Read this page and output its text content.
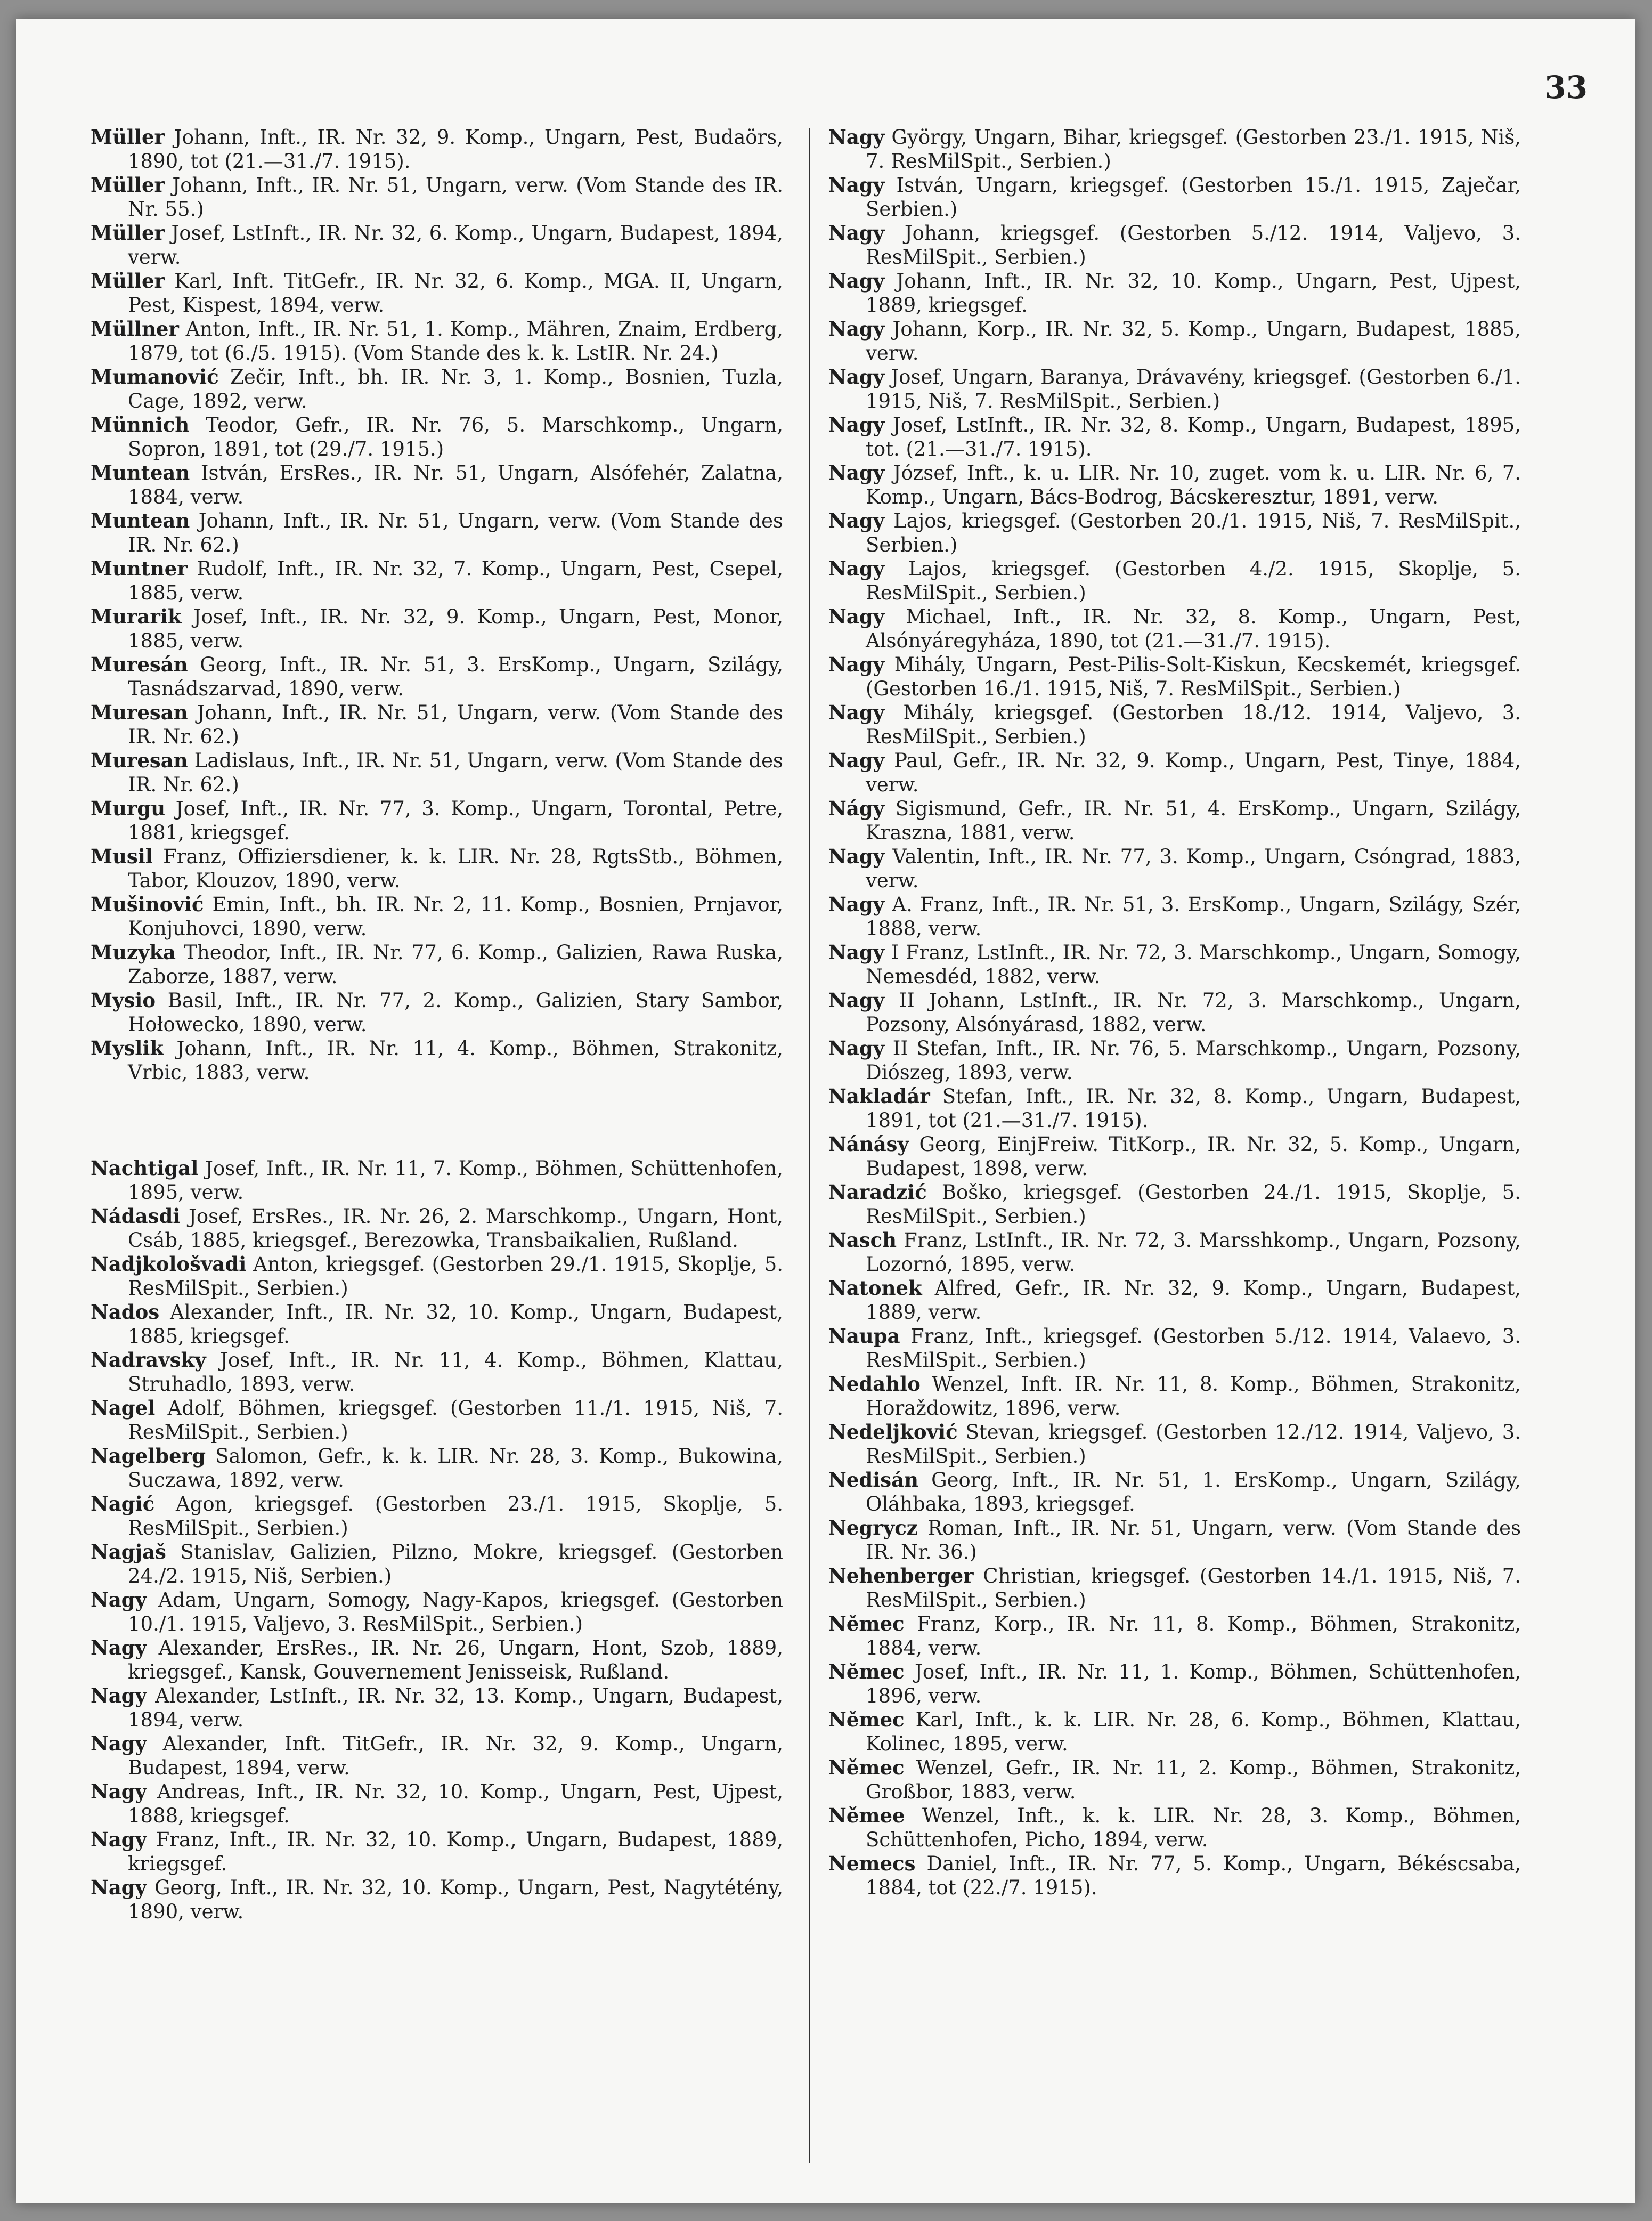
33

Müller Johann, Inft., IR. Nr. 32, 9. Komp., Ungarn, Pest, Budaörs, 1890, tot (21.—31./7. 1915).

Müller Johann, Inft., IR. Nr. 51, Ungarn, verw. (Vom Stande des IR. Nr. 55.)

Müller Josef, LstInft., IR. Nr. 32, 6. Komp., Ungarn, Budapest, 1894, verw.

Müller Karl, Inft. TitGefr., IR. Nr. 32, 6. Komp., MGA. II, Ungarn, Pest, Kispest, 1894, verw.

Müllner Anton, Inft., IR. Nr. 51, 1. Komp., Mähren, Znaim, Erdberg, 1879, tot (6./5. 1915). (Vom Stande des k. k. LstIR. Nr. 24.)

Mumanović Zečir, Inft., bh. IR. Nr. 3, 1. Komp., Bosnien, Tuzla, Cage, 1892, verw.

Münnich Teodor, Gefr., IR. Nr. 76, 5. Marschkomp., Ungarn, Sopron, 1891, tot (29./7. 1915.)

Muntean István, ErsRes., IR. Nr. 51, Ungarn, Alsófehér, Zalatna, 1884, verw.

Muntean Johann, Inft., IR. Nr. 51, Ungarn, verw. (Vom Stande des IR. Nr. 62.)

Muntner Rudolf, Inft., IR. Nr. 32, 7. Komp., Ungarn, Pest, Csepel, 1885, verw.

Murarik Josef, Inft., IR. Nr. 32, 9. Komp., Ungarn, Pest, Monor, 1885, verw.

Muresán Georg, Inft., IR. Nr. 51, 3. ErsKomp., Ungarn, Szilágy, Tasnádszarvad, 1890, verw.

Muresan Johann, Inft., IR. Nr. 51, Ungarn, verw. (Vom Stande des IR. Nr. 62.)

Muresan Ladislaus, Inft., IR. Nr. 51, Ungarn, verw. (Vom Stande des IR. Nr. 62.)

Murgu Josef, Inft., IR. Nr. 77, 3. Komp., Ungarn, Torontal, Petre, 1881, kriegsgef.

Musil Franz, Offiziersdiener, k. k. LIR. Nr. 28, RgtsStb., Böhmen, Tabor, Klouzov, 1890, verw.

Mušinović Emin, Inft., bh. IR. Nr. 2, 11. Komp., Bosnien, Prnjavor, Konjuhovci, 1890, verw.

Muzyka Theodor, Inft., IR. Nr. 77, 6. Komp., Galizien, Rawa Ruska, Zaborze, 1887, verw.

Mysio Basil, Inft., IR. Nr. 77, 2. Komp., Galizien, Stary Sambor, Hołowecko, 1890, verw.

Myslik Johann, Inft., IR. Nr. 11, 4. Komp., Böhmen, Strakonitz, Vrbic, 1883, verw.

Nachtigal Josef, Inft., IR. Nr. 11, 7. Komp., Böhmen, Schüttenhofen, 1895, verw.

Nádasdi Josef, ErsRes., IR. Nr. 26, 2. Marschkomp., Ungarn, Hont, Csáb, 1885, kriegsgef., Berezowka, Transbaikalien, Rußland.

Nadjkološvadi Anton, kriegsgef. (Gestorben 29./1. 1915, Skoplje, 5. ResMilSpit., Serbien.)

Nados Alexander, Inft., IR. Nr. 32, 10. Komp., Ungarn, Budapest, 1885, kriegsgef.

Nadravsky Josef, Inft., IR. Nr. 11, 4. Komp., Böhmen, Klattau, Struhadlo, 1893, verw.

Nagel Adolf, Böhmen, kriegsgef. (Gestorben 11./1. 1915, Niš, 7. ResMilSpit., Serbien.)

Nagelberg Salomon, Gefr., k. k. LIR. Nr. 28, 3. Komp., Bukowina, Suczawa, 1892, verw.

Nagić Agon, kriegsgef. (Gestorben 23./1. 1915, Skoplje, 5. ResMilSpit., Serbien.)

Nagjaš Stanislav, Galizien, Pilzno, Mokre, kriegsgef. (Gestorben 24./2. 1915, Niš, Serbien.)

Nagy Adam, Ungarn, Somogy, Nagy-Kapos, kriegsgef. (Gestorben 10./1. 1915, Valjevo, 3. ResMilSpit., Serbien.)

Nagy Alexander, ErsRes., IR. Nr. 26, Ungarn, Hont, Szob, 1889, kriegsgef., Kansk, Gouvernement Jenisseisk, Rußland.

Nagy Alexander, LstInft., IR. Nr. 32, 13. Komp., Ungarn, Budapest, 1894, verw.

Nagy Alexander, Inft. TitGefr., IR. Nr. 32, 9. Komp., Ungarn, Budapest, 1894, verw.

Nagy Andreas, Inft., IR. Nr. 32, 10. Komp., Ungarn, Pest, Ujpest, 1888, kriegsgef.

Nagy Franz, Inft., IR. Nr. 32, 10. Komp., Ungarn, Budapest, 1889, kriegsgef.

Nagy Georg, Inft., IR. Nr. 32, 10. Komp., Ungarn, Pest, Nagytétény, 1890, verw.

Nagy György, Ungarn, Bihar, kriegsgef. (Gestorben 23./1. 1915, Niš, 7. ResMilSpit., Serbien.)

Nagy István, Ungarn, kriegsgef. (Gestorben 15./1. 1915, Zaječar, Serbien.)

Nagy Johann, kriegsgef. (Gestorben 5./12. 1914, Valjevo, 3. ResMilSpit., Serbien.)

Nagy Johann, Inft., IR. Nr. 32, 10. Komp., Ungarn, Pest, Ujpest, 1889, kriegsgef.

Nagy Johann, Korp., IR. Nr. 32, 5. Komp., Ungarn, Budapest, 1885, verw.

Nagy Josef, Ungarn, Baranya, Drávavény, kriegsgef. (Gestorben 6./1. 1915, Niš, 7. ResMilSpit., Serbien.)

Nagy Josef, LstInft., IR. Nr. 32, 8. Komp., Ungarn, Budapest, 1895, tot. (21.—31./7. 1915).

Nagy József, Inft., k. u. LIR. Nr. 10, zuget. vom k. u. LIR. Nr. 6, 7. Komp., Ungarn, Bács-Bodrog, Bácskeresztur, 1891, verw.

Nagy Lajos, kriegsgef. (Gestorben 20./1. 1915, Niš, 7. ResMilSpit., Serbien.)

Nagy Lajos, kriegsgef. (Gestorben 4./2. 1915, Skoplje, 5. ResMilSpit., Serbien.)

Nagy Michael, Inft., IR. Nr. 32, 8. Komp., Ungarn, Pest, Alsónyáregyháza, 1890, tot (21.—31./7. 1915).

Nagy Mihály, Ungarn, Pest-Pilis-Solt-Kiskun, Kecskemét, kriegsgef. (Gestorben 16./1. 1915, Niš, 7. ResMilSpit., Serbien.)

Nagy Mihály, kriegsgef. (Gestorben 18./12. 1914, Valjevo, 3. ResMilSpit., Serbien.)

Nagy Paul, Gefr., IR. Nr. 32, 9. Komp., Ungarn, Pest, Tinye, 1884, verw.

Nágy Sigismund, Gefr., IR. Nr. 51, 4. ErsKomp., Ungarn, Szilágy, Kraszna, 1881, verw.

Nagy Valentin, Inft., IR. Nr. 77, 3. Komp., Ungarn, Csóngrad, 1883, verw.

Nagy A. Franz, Inft., IR. Nr. 51, 3. ErsKomp., Ungarn, Szilágy, Szér, 1888, verw.

Nagy I Franz, LstInft., IR. Nr. 72, 3. Marschkomp., Ungarn, Somogy, Nemesdéd, 1882, verw.

Nagy II Johann, LstInft., IR. Nr. 72, 3. Marschkomp., Ungarn, Pozsony, Alsónyárasd, 1882, verw.

Nagy II Stefan, Inft., IR. Nr. 76, 5. Marschkomp., Ungarn, Pozsony, Diószeg, 1893, verw.

Nakladár Stefan, Inft., IR. Nr. 32, 8. Komp., Ungarn, Budapest, 1891, tot (21.—31./7. 1915).

Nánásy Georg, EinjFreiw. TitKorp., IR. Nr. 32, 5. Komp., Ungarn, Budapest, 1898, verw.

Naradzić Boško, kriegsgef. (Gestorben 24./1. 1915, Skoplje, 5. ResMilSpit., Serbien.)

Nasch Franz, LstInft., IR. Nr. 72, 3. Marsshkomp., Ungarn, Pozsony, Lozornó, 1895, verw.

Natonek Alfred, Gefr., IR. Nr. 32, 9. Komp., Ungarn, Budapest, 1889, verw.

Naupa Franz, Inft., kriegsgef. (Gestorben 5./12. 1914, Valaevo, 3. ResMilSpit., Serbien.)

Nedahlo Wenzel, Inft. IR. Nr. 11, 8. Komp., Böhmen, Strakonitz, Horaždowitz, 1896, verw.

Nedeljković Stevan, kriegsgef. (Gestorben 12./12. 1914, Valjevo, 3. ResMilSpit., Serbien.)

Nedisán Georg, Inft., IR. Nr. 51, 1. ErsKomp., Ungarn, Szilágy, Oláhbaka, 1893, kriegsgef.

Negrycz Roman, Inft., IR. Nr. 51, Ungarn, verw. (Vom Stande des IR. Nr. 36.)

Nehenberger Christian, kriegsgef. (Gestorben 14./1. 1915, Niš, 7. ResMilSpit., Serbien.)

Němec Franz, Korp., IR. Nr. 11, 8. Komp., Böhmen, Strakonitz, 1884, verw.

Němec Josef, Inft., IR. Nr. 11, 1. Komp., Böhmen, Schüttenhofen, 1896, verw.

Němec Karl, Inft., k. k. LIR. Nr. 28, 6. Komp., Böhmen, Klattau, Kolinec, 1895, verw.

Němec Wenzel, Gefr., IR. Nr. 11, 2. Komp., Böhmen, Strakonitz, Großbor, 1883, verw.

Němee Wenzel, Inft., k. k. LIR. Nr. 28, 3. Komp., Böhmen, Schüttenhofen, Picho, 1894, verw.

Nemecs Daniel, Inft., IR. Nr. 77, 5. Komp., Ungarn, Békéscsaba, 1884, tot (22./7. 1915).
